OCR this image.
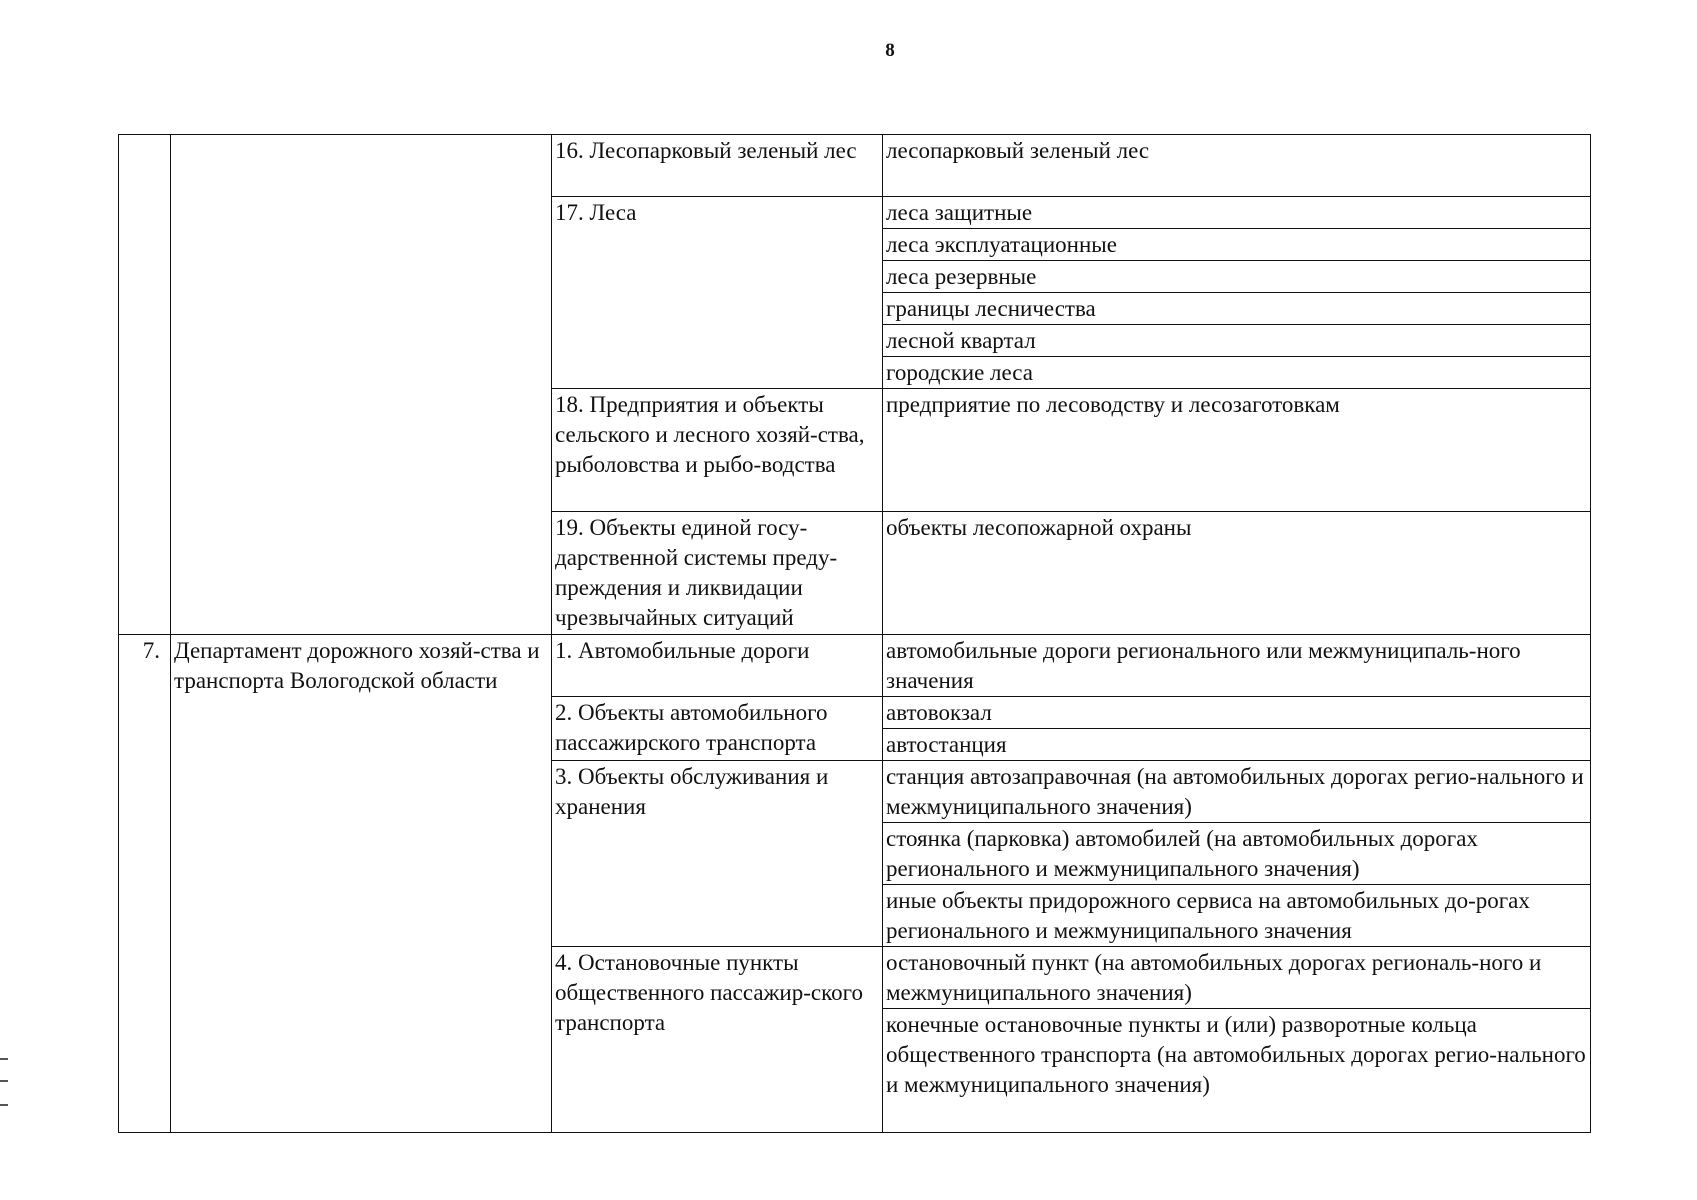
8
		16. Лесопарковый зеленый лес	лесопарковый зеленый лес
		17. Леса	леса защитные
			леса эксплуатационные
			леса резервные
			границы лесничества
			лесной квартал
			городские леса
		18. Предприятия и объекты сельского и лесного хозяй-ства, рыболовства и рыбо-водства	предприятие по лесоводству и лесозаготовкам
		19. Объекты единой госу-дарственной системы преду-преждения и ликвидации чрезвычайных ситуаций	объекты лесопожарной охраны

7.	Департамент дорожного хозяй-ства и транспорта Вологодской области	1. Автомобильные дороги	автомобильные дороги регионального или межмуниципаль-ного значения
		2. Объекты автомобильного пассажирского транспорта	автовокзал
			автостанция
		3. Объекты обслуживания и хранения	станция автозаправочная (на автомобильных дорогах регио-нального и межмуниципального значения)
			стоянка (парковка) автомобилей (на автомобильных дорогах регионального и межмуниципального значения)
			иные объекты придорожного сервиса на автомобильных до-рогах регионального и межмуниципального значения
		4. Остановочные пункты общественного пассажир-ского транспорта	остановочный пункт (на автомобильных дорогах региональ-ного и межмуниципального значения)
			конечные остановочные пункты и (или) разворотные кольца общественного транспорта (на автомобильных дорогах регио-нального и межмуниципального значения)
